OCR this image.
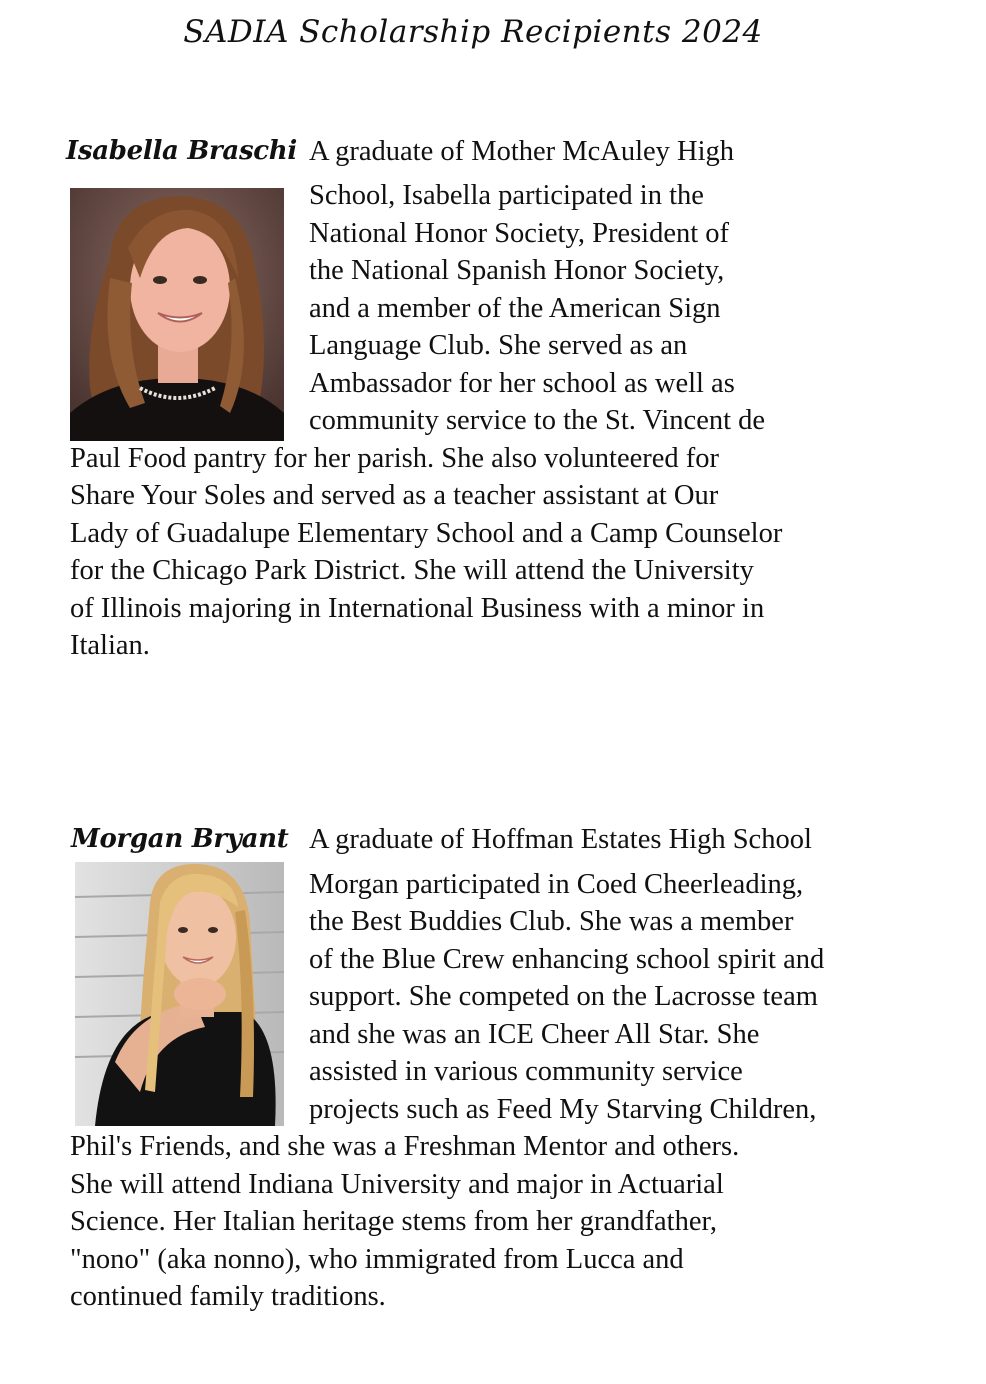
SADIA Scholarship Recipients 2024
Isabella Braschi A graduate of Mother McAuley High

School, Isabella participated in the

National Honor Society, President of

the National Spanish Honor Society,

and a member of the American Sign

Language Club. She served as an

Ambassador for her school as well as

community service to the St. Vincent de

Paul Food pantry for her parish. She also volunteered for

Share Your Soles and served as a teacher assistant at Our

Lady of Guadalupe Elementary School and a Camp Counselor

for the Chicago Park District. She will attend the University

of Illinois majoring in International Business with a minor in

Italian.

Morgan Bryant A graduate of Hoffman Estates High School

Morgan participated in Coed Cheerleading,

the Best Buddies Club. She was a member

of the Blue Crew enhancing school spirit and

support. She competed on the Lacrosse team

and she was an ICE Cheer All Star. She

assisted in various community service

projects such as Feed My Starving Children,

Phil's Friends, and she was a Freshman Mentor and others.

She will attend Indiana University and major in Actuarial

Science. Her Italian heritage stems from her grandfather,

"nono" (aka nonno), who immigrated from Lucca and

continued family traditions.
